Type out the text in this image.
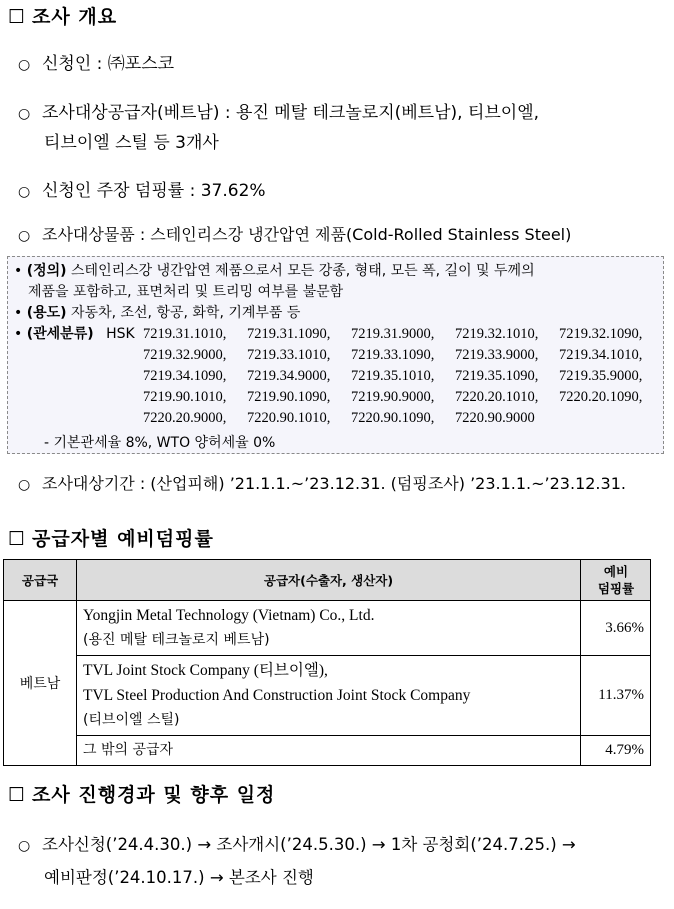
☐ 조사 개요
○ 신청인 : ㈜포스코
○ 조사대상공급자(베트남) : 용진 메탈 테크놀로지(베트남), 티브이엘,
티브이엘 스틸 등 3개사
○ 신청인 주장 덤핑률 : 37.62%
○ 조사대상물품 : 스테인리스강 냉간압연 제품(Cold-Rolled Stainless Steel)
• (정의) 스테인리스강 냉간압연 제품으로서 모든 강종, 형태, 모든 폭, 길이 및 두께의
제품을 포함하고, 표면처리 및 트리밍 여부를 불문함
• (용도) 자동차, 조선, 항공, 화학, 기계부품 등
• (관세분류) HSK 7219.31.1010, 7219.31.1090, 7219.31.9000, 7219.32.1010, 7219.32.1090,
7219.32.9000, 7219.33.1010, 7219.33.1090, 7219.33.9000, 7219.34.1010,
7219.34.1090, 7219.34.9000, 7219.35.1010, 7219.35.1090, 7219.35.9000,
7219.90.1010, 7219.90.1090, 7219.90.9000, 7220.20.1010, 7220.20.1090,
7220.20.9000, 7220.90.1010, 7220.90.1090, 7220.90.9000
- 기본관세율 8%, WTO 양허세율 0%
○ 조사대상기간 : (산업피해) ’21.1.1.~’23.12.31. (덤핑조사) ’23.1.1.~’23.12.31.
☐ 공급자별 예비덤핑률
공급국	공급자(수출자, 생산자)	예비
덤핑률
베트남	Yongjin Metal Technology (Vietnam) Co., Ltd.
(용진 메탈 테크놀로지 베트남)	3.66%

	TVL Joint Stock Company (티브이엘),
TVL Steel Production And Construction Joint Stock Company
(티브이엘 스틸)	11.37%
	그 밖의 공급자	4.79%
☐ 조사 진행경과 및 향후 일정
○ 조사신청(’24.4.30.) → 조사개시(’24.5.30.) → 1차 공청회(’24.7.25.) →
예비판정(’24.10.17.) → 본조사 진행
